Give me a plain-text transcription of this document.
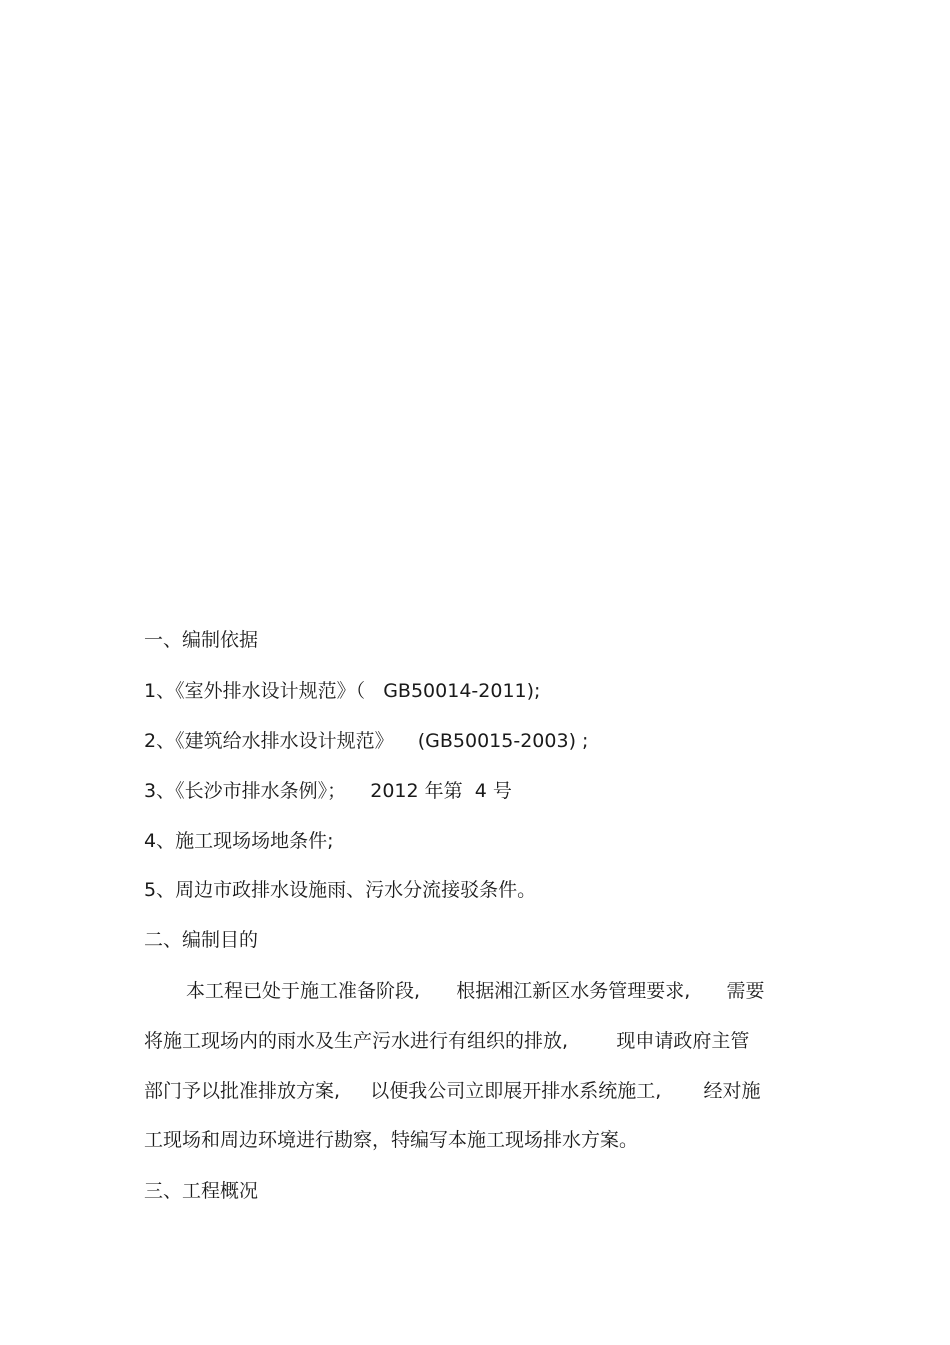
一、编制依据
1、《室外排水设计规范》（   GB50014-2011);
2、《建筑给水排水设计规范》    (GB50015-2003) ;
3、《长沙市排水条例》；    2012 年第  4 号
4、施工现场场地条件;
5、周边市政排水设施雨、污水分流接驳条件。
二、编制目的
本工程已处于施工准备阶段,      根据湘江新区水务管理要求,      需要
将施工现场内的雨水及生产污水进行有组织的排放,        现申请政府主管
部门予以批准排放方案,     以便我公司立即展开排水系统施工,       经对施
工现场和周边环境进行勘察，特编写本施工现场排水方案。
三、工程概况
